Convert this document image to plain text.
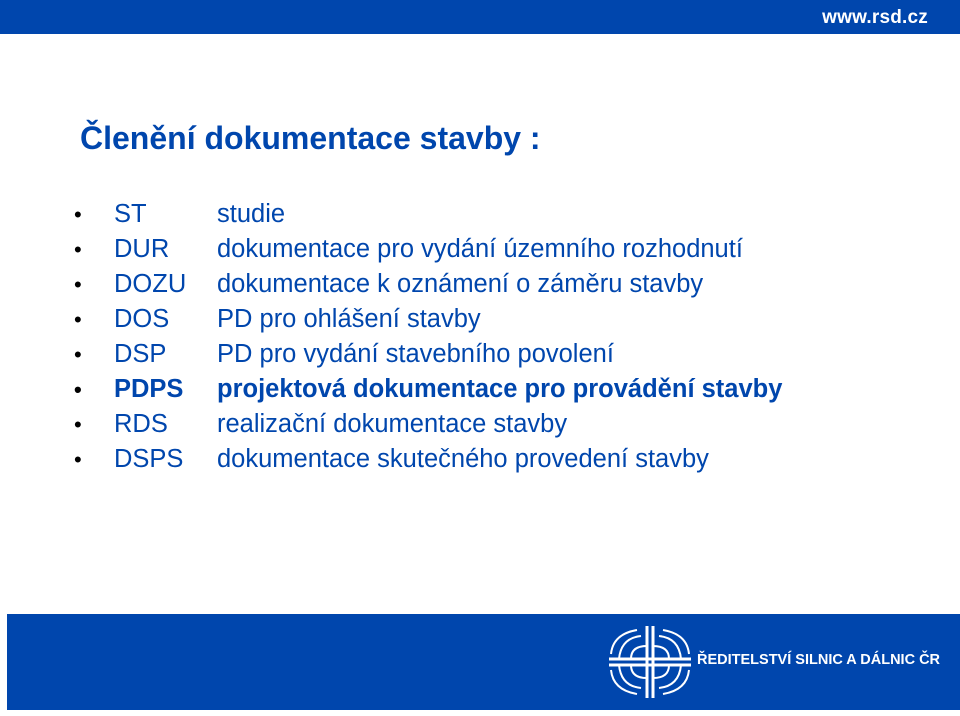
www.rsd.cz
Členění dokumentace stavby :
•	ST	studie
•	DUR dokumentace pro vydání územního rozhodnutí
•	DOZU dokumentace k oznámení o záměru stavby
•	DOS PD pro ohlášení stavby
•	DSP PD pro vydání stavebního povolení
•	PDPS projektová dokumentace pro provádění stavby
•	RDS realizační dokumentace stavby
•	DSPS dokumentace skutečného provedení stavby
ŘEDITELSTVÍ SILNIC A DÁLNIC ČR
